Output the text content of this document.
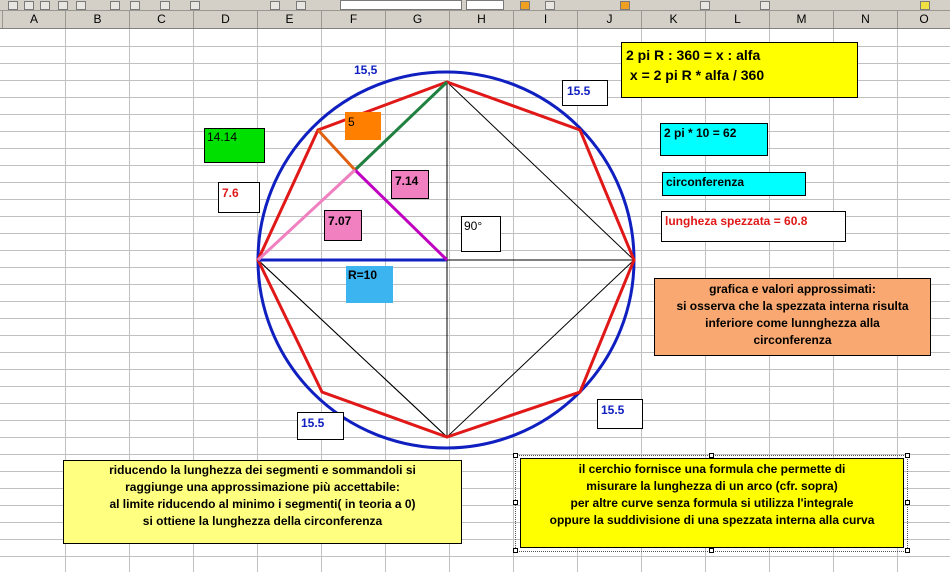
A	B	C	D	E	F	G	H	I	J	K	L	M	N	O
15,5
15.5
14.14
5
7.6
7.14
7.07	90°
R=10
15.5
15.5
2 pi R : 360 = x : alfa
x = 2 pi R * alfa / 360
2 pi * 10 = 62
circonferenza
lungheza spezzata = 60.8
grafica e valori approssimati:
si osserva che la spezzata interna risulta
inferiore come lunnghezza alla
circonferenza
riducendo la lunghezza dei segmenti e sommandoli si
raggiunge una approssimazione più accettabile:
al limite riducendo al minimo i segmenti( in teoria a 0)
si ottiene la lunghezza della circonferenza
il cerchio fornisce una formula che permette di
misurare la lunghezza di un arco (cfr. sopra)
per altre curve senza formula si utilizza l'integrale
oppure la suddivisione di una spezzata interna alla curva
